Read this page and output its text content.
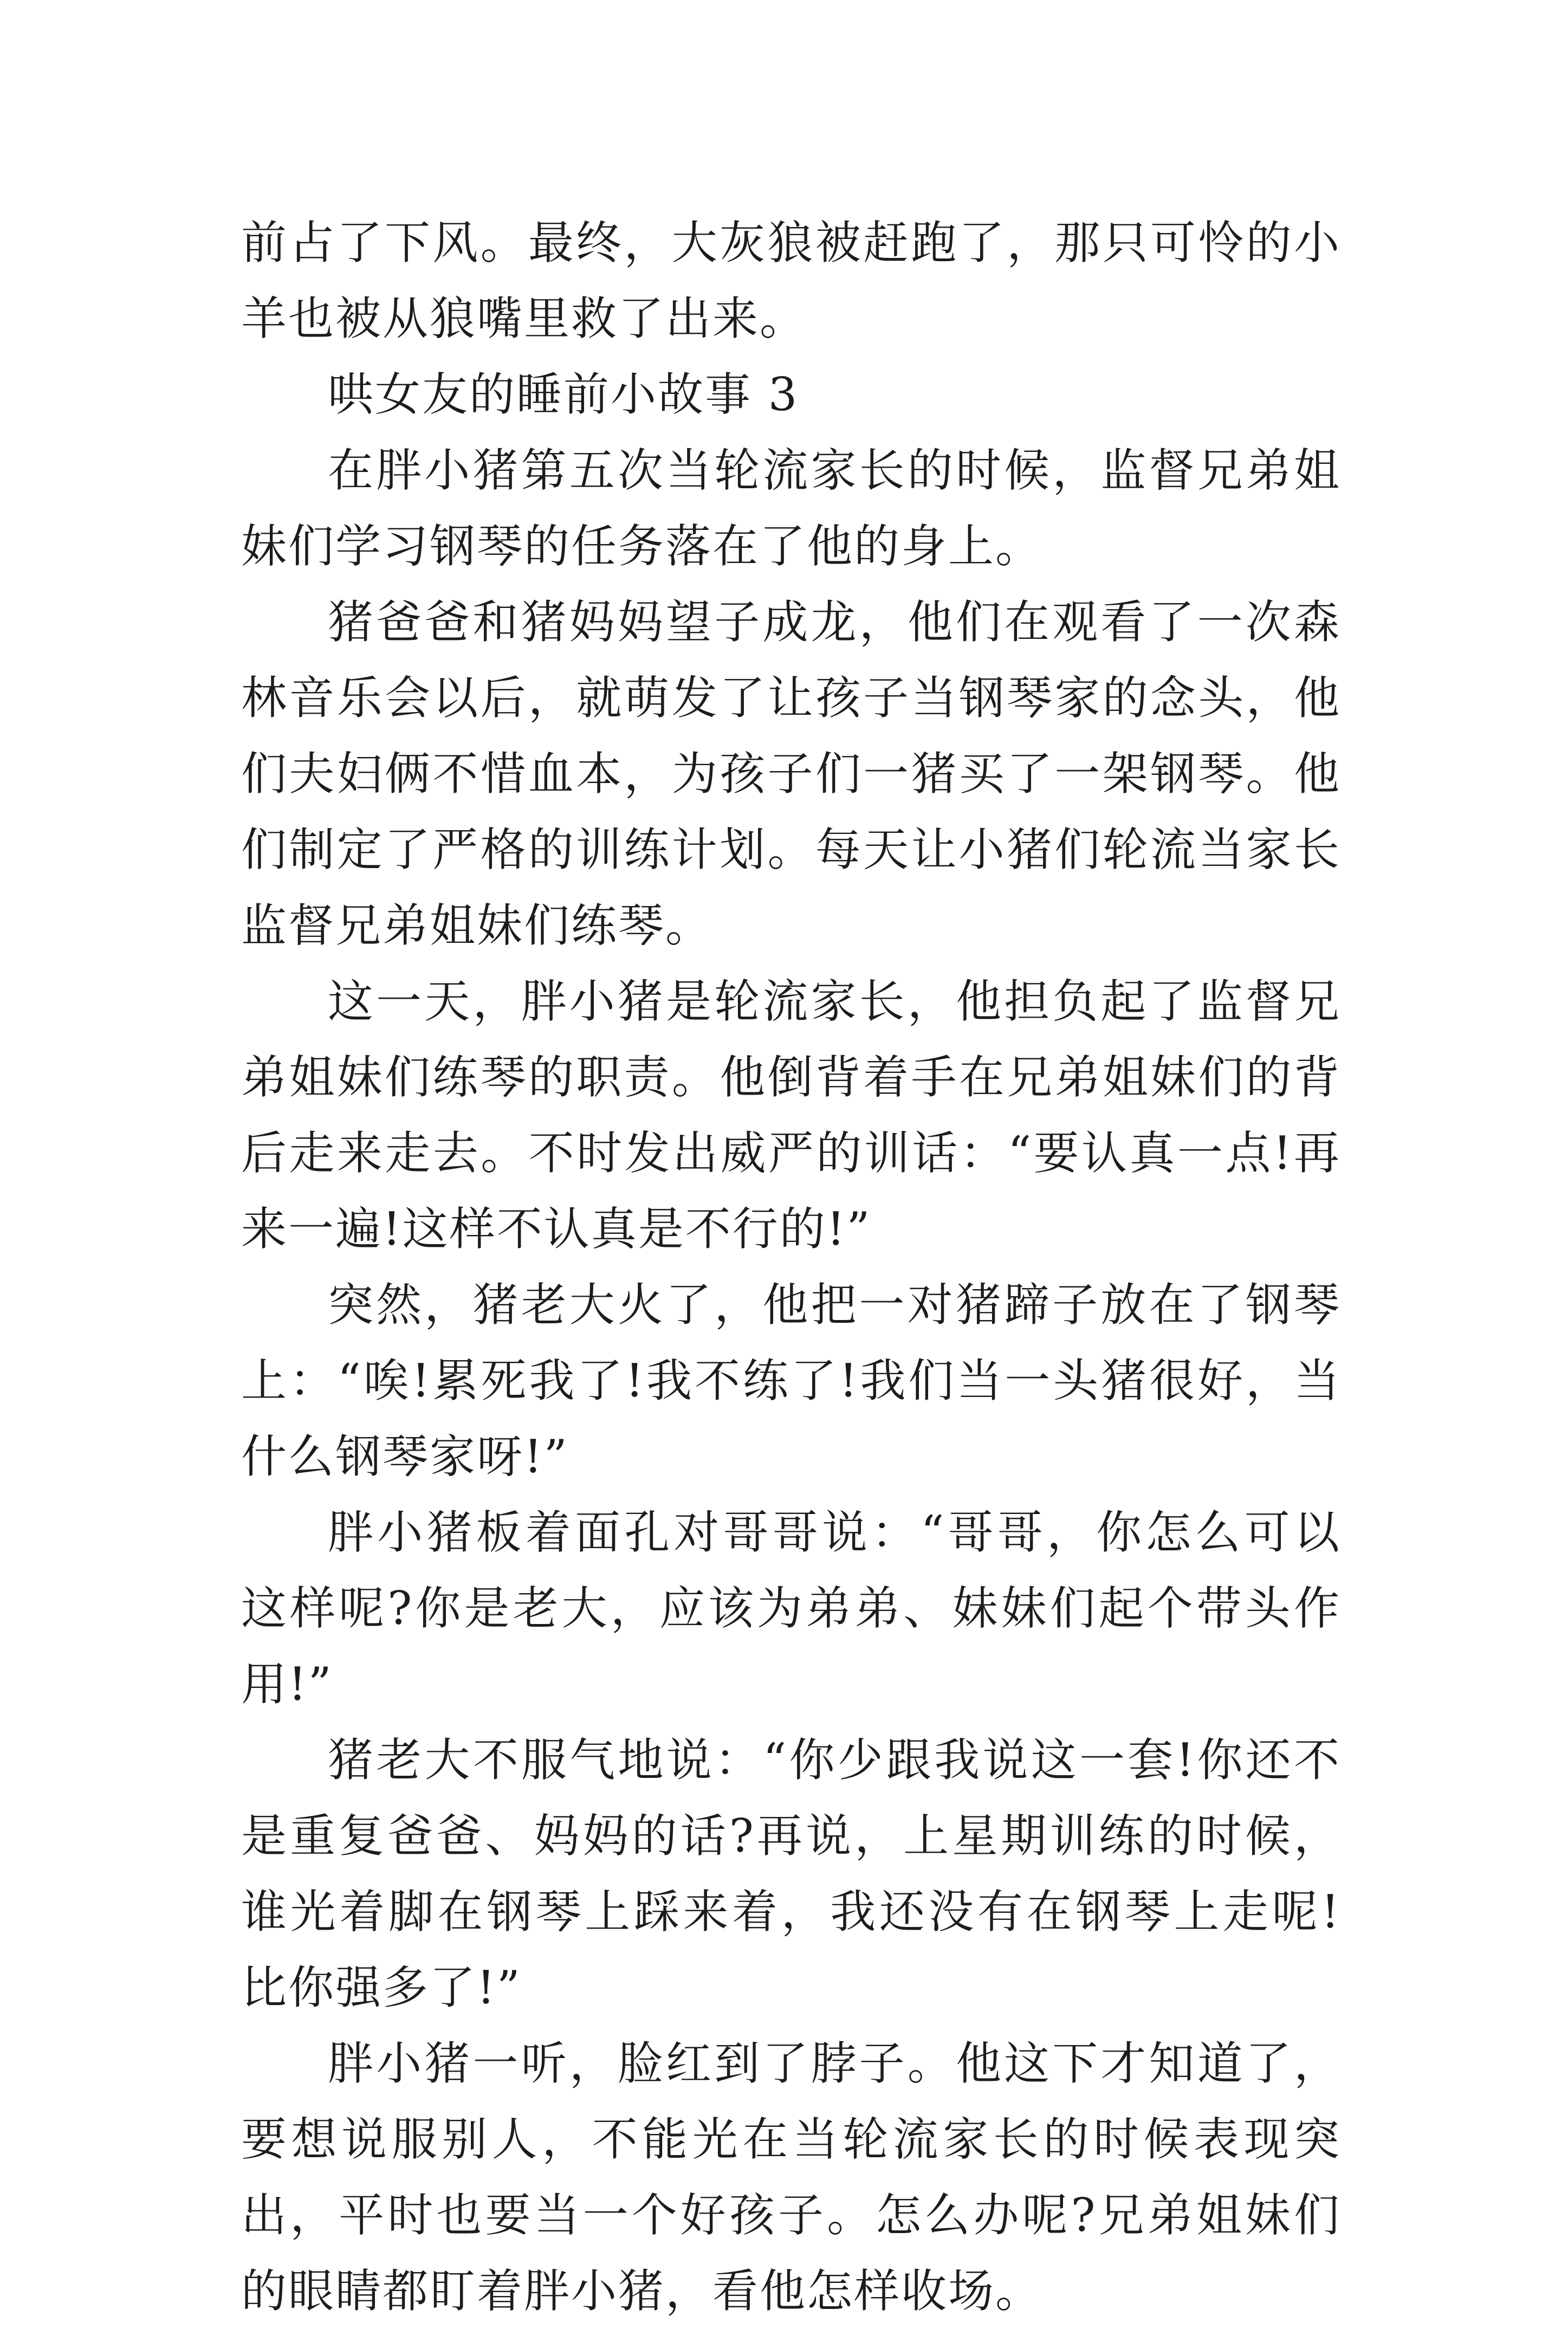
前占了下风。最终，大灰狼被赶跑了，那只可怜的小羊也被从狼嘴里救了出来。

哄女友的睡前小故事 3

在胖小猪第五次当轮流家长的时候，监督兄弟姐妹们学习钢琴的任务落在了他的身上。

猪爸爸和猪妈妈望子成龙，他们在观看了一次森林音乐会以后，就萌发了让孩子当钢琴家的念头，他们夫妇俩不惜血本，为孩子们一猪买了一架钢琴。他们制定了严格的训练计划。每天让小猪们轮流当家长监督兄弟姐妹们练琴。

这一天，胖小猪是轮流家长，他担负起了监督兄弟姐妹们练琴的职责。他倒背着手在兄弟姐妹们的背后走来走去。不时发出威严的训话：“要认真一点!再来一遍!这样不认真是不行的!”

突然，猪老大火了，他把一对猪蹄子放在了钢琴上：“唉!累死我了!我不练了!我们当一头猪很好，当什么钢琴家呀!”

胖小猪板着面孔对哥哥说：“哥哥，你怎么可以这样呢?你是老大，应该为弟弟、妹妹们起个带头作用!”

猪老大不服气地说：“你少跟我说这一套!你还不是重复爸爸、妈妈的话?再说，上星期训练的时候，谁光着脚在钢琴上踩来着，我还没有在钢琴上走呢!比你强多了!”

胖小猪一听，脸红到了脖子。他这下才知道了，要想说服别人，不能光在当轮流家长的时候表现突出，平时也要当一个好孩子。怎么办呢?兄弟姐妹们的眼睛都盯着胖小猪，看他怎样收场。
